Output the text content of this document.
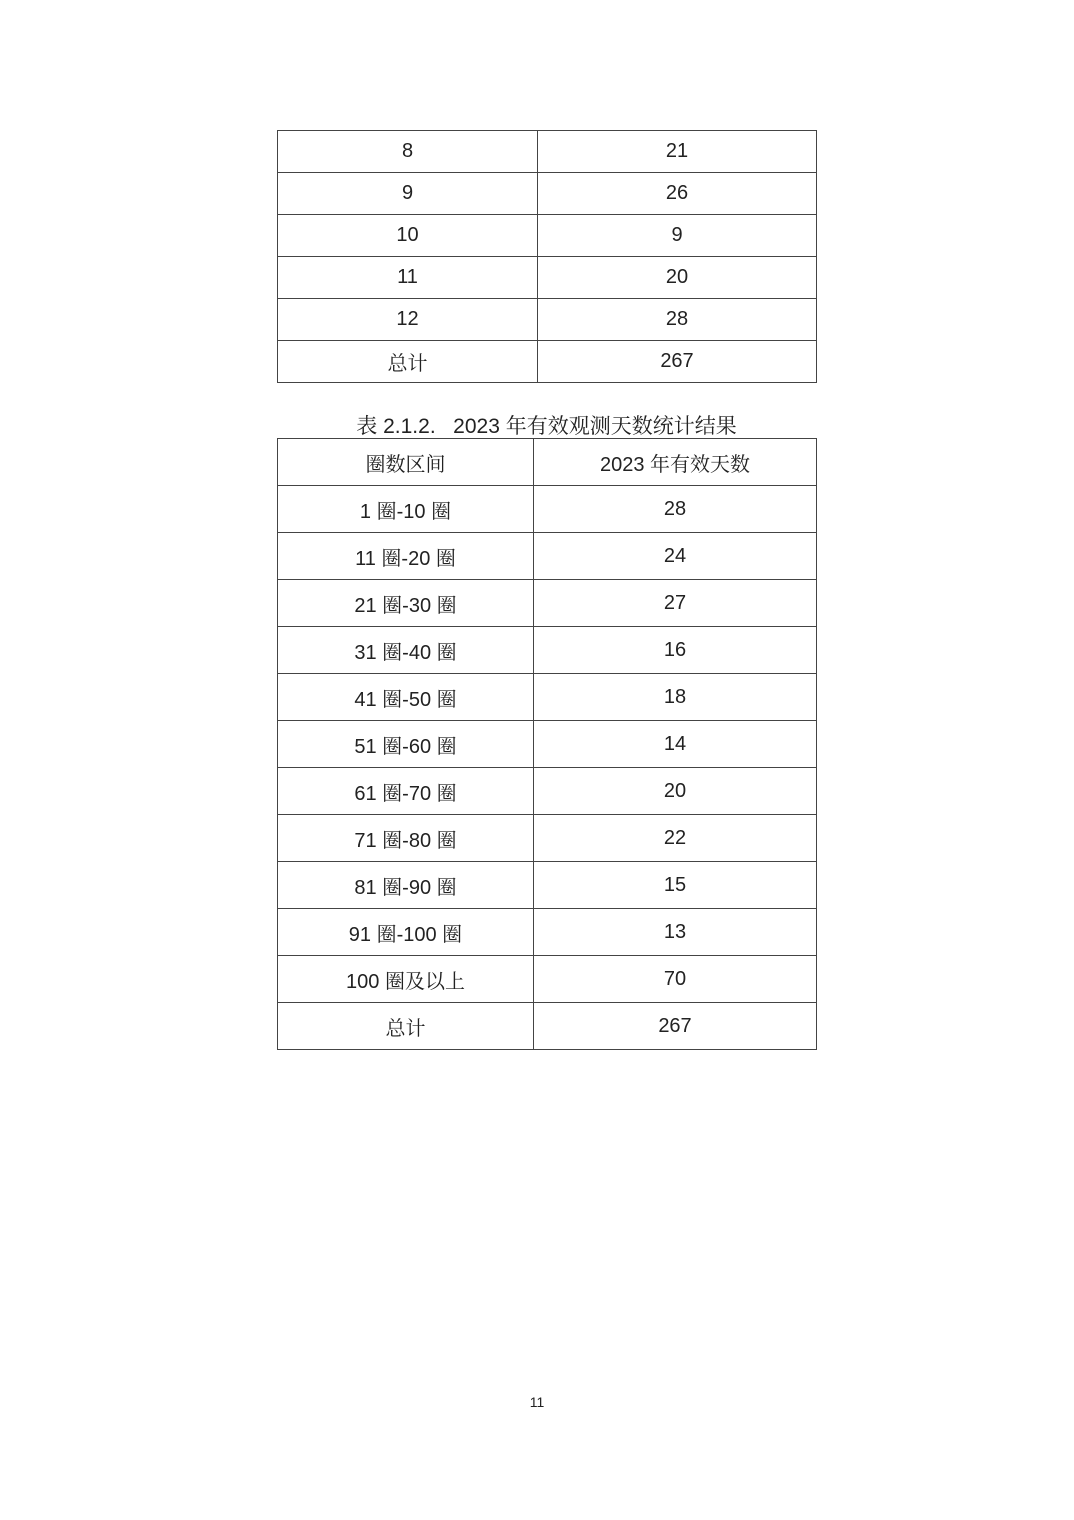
8	21
9	26
10	9
11	20
12	28
总计	267
表 2.1.2.   2023 年有效观测天数统计结果
圈数区间	2023 年有效天数
1 圈-10 圈	28
11 圈-20 圈	24
21 圈-30 圈	27
31 圈-40 圈	16
41 圈-50 圈	18
51 圈-60 圈	14
61 圈-70 圈	20
71 圈-80 圈	22
81 圈-90 圈	15
91 圈-100 圈	13
100 圈及以上	70
总计	267
11
